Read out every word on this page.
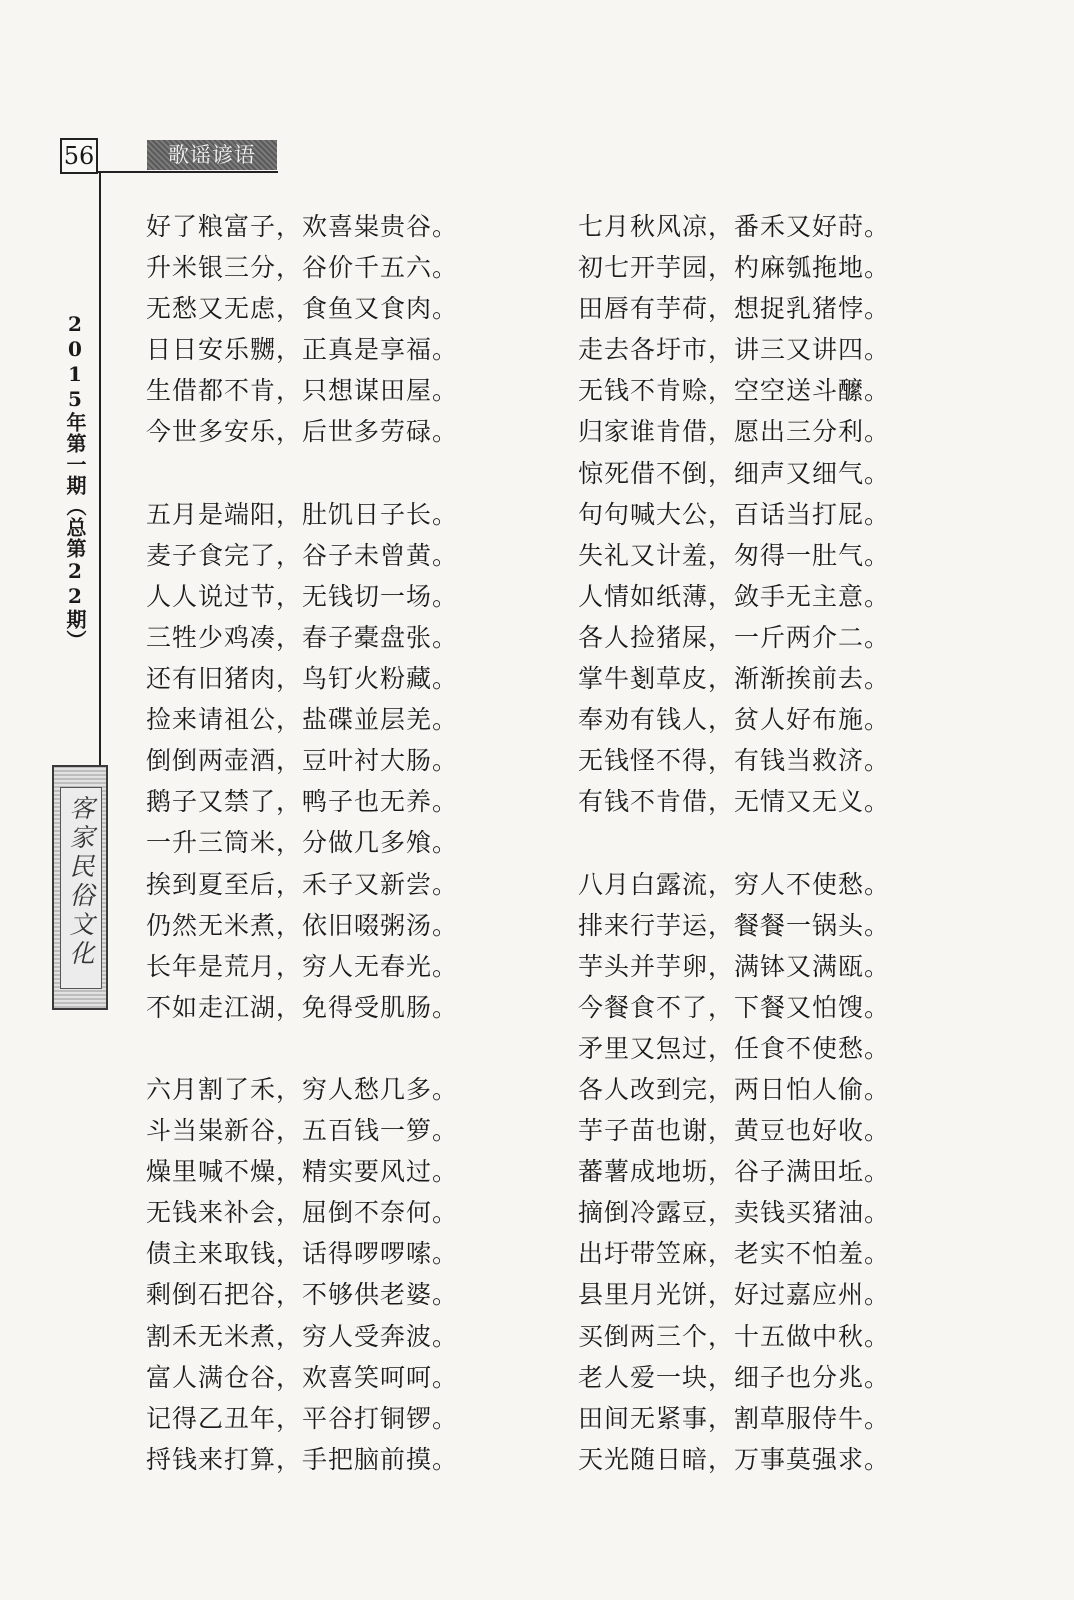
56	歌谣谚语
2015年第一期（总第22期）
客家民俗文化
好了粮富子，欢喜粜贵谷。
升米银三分，谷价千五六。
无愁又无虑，食鱼又食肉。
日日安乐嬲，正真是享福。
生借都不肯，只想谋田屋。
今世多安乐，后世多劳碌。
五月是端阳，肚饥日子长。
麦子食完了，谷子未曾黄。
人人说过节，无钱切一场。
三牲少鸡凑，春子橐盘张。
还有旧猪肉，鸟钉火粉藏。
捡来请祖公，盐碟並层羌。
倒倒两壶酒，豆叶衬大肠。
鹅子又禁了，鸭子也无养。
一升三筒米，分做几多飧。
挨到夏至后，禾子又新尝。
仍然无米煮，依旧啜粥汤。
长年是荒月，穷人无春光。
不如走江湖，免得受肌肠。
六月割了禾，穷人愁几多。
斗当粜新谷，五百钱一箩。
燥里喊不燥，精实要风过。
无钱来补会，屈倒不奈何。
债主来取钱，话得啰啰嗦。
剩倒石把谷，不够供老婆。
割禾无米煮，穷人受奔波。
富人满仓谷，欢喜笑呵呵。
记得乙丑年，平谷打铜锣。
捋钱来打算，手把脑前摸。
七月秋风凉，番禾又好莳。
初七开芋园，杓麻瓠拖地。
田唇有芋荷，想捉乳猪悖。
走去各圩市，讲三又讲四。
无钱不肯赊，空空送斗醿。
归家谁肯借，愿出三分利。
惊死借不倒，细声又细气。
句句喊大公，百话当打屁。
失礼又计羞，匆得一肚气。
人情如纸薄，敛手无主意。
各人捡猪屎，一斤两介二。
掌牛剗草皮，渐渐挨前去。
奉劝有钱人，贫人好布施。
无钱怪不得，有钱当救济。
有钱不肯借，无情又无义。
八月白露流，穷人不使愁。
排来行芋运，餐餐一锅头。
芋头并芋卵，满钵又满瓯。
今餐食不了，下餐又怕馊。
矛里又炰过，任食不使愁。
各人改到完，两日怕人偷。
芋子苗也谢，黄豆也好收。
蕃薯成地坜，谷子满田坵。
摘倒冷露豆，卖钱买猪油。
出圩带笠麻，老实不怕羞。
县里月光饼，好过嘉应州。
买倒两三个，十五做中秋。
老人爱一块，细子也分兆。
田间无紧事，割草服侍牛。
天光随日暗，万事莫强求。
